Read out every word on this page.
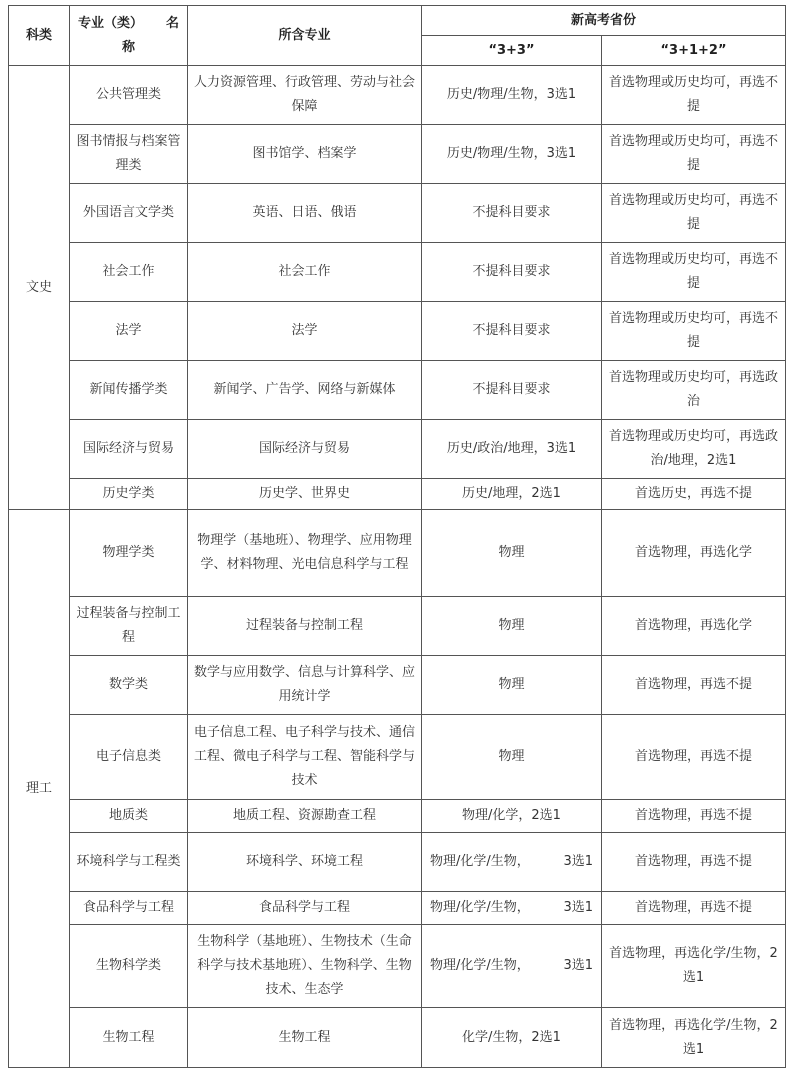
科类	专业（类） 名
称	所含专业	新高考省份	
			“3+3”	“3+1+2”
文史	公共管理类	人力资源管理、行政管理、劳动与社会保障	历史/物理/生物，3选1	首选物理或历史均可，再选不提
	图书情报与档案管理类	图书馆学、档案学	历史/物理/生物，3选1	首选物理或历史均可，再选不提
	外国语言文学类	英语、日语、俄语	不提科目要求	首选物理或历史均可，再选不提
	社会工作	社会工作	不提科目要求	首选物理或历史均可，再选不提
	法学	法学	不提科目要求	首选物理或历史均可，再选不提
	新闻传播学类	新闻学、广告学、网络与新媒体	不提科目要求	首选物理或历史均可，再选政治
	国际经济与贸易	国际经济与贸易	历史/政治/地理，3选1	首选物理或历史均可，再选政治/地理，2选1
	历史学类	历史学、世界史	历史/地理，2选1	首选历史，再选不提
理工	物理学类	物理学（基地班）、物理学、应用物理学、材料物理、光电信息科学与工程	物理	首选物理，再选化学
	过程装备与控制工程	过程装备与控制工程	物理	首选物理，再选化学
	数学类	数学与应用数学、信息与计算科学、应用统计学	物理	首选物理，再选不提
	电子信息类	电子信息工程、电子科学与技术、通信工程、微电子科学与工程、智能科学与技术	物理	首选物理，再选不提
	地质类	地质工程、资源勘查工程	物理/化学，2选1	首选物理，再选不提
	环境科学与工程类	环境科学、环境工程	物理/化学/生物， 3选1	首选物理，再选不提
	食品科学与工程	食品科学与工程	物理/化学/生物， 3选1	首选物理，再选不提
	生物科学类	生物科学（基地班）、生物技术（生命科学与技术基地班）、生物科学、生物技术、生态学	物理/化学/生物， 3选1	首选物理，再选化学/生物，2选1
	生物工程	生物工程	化学/生物，2选1	首选物理，再选化学/生物，2选1
